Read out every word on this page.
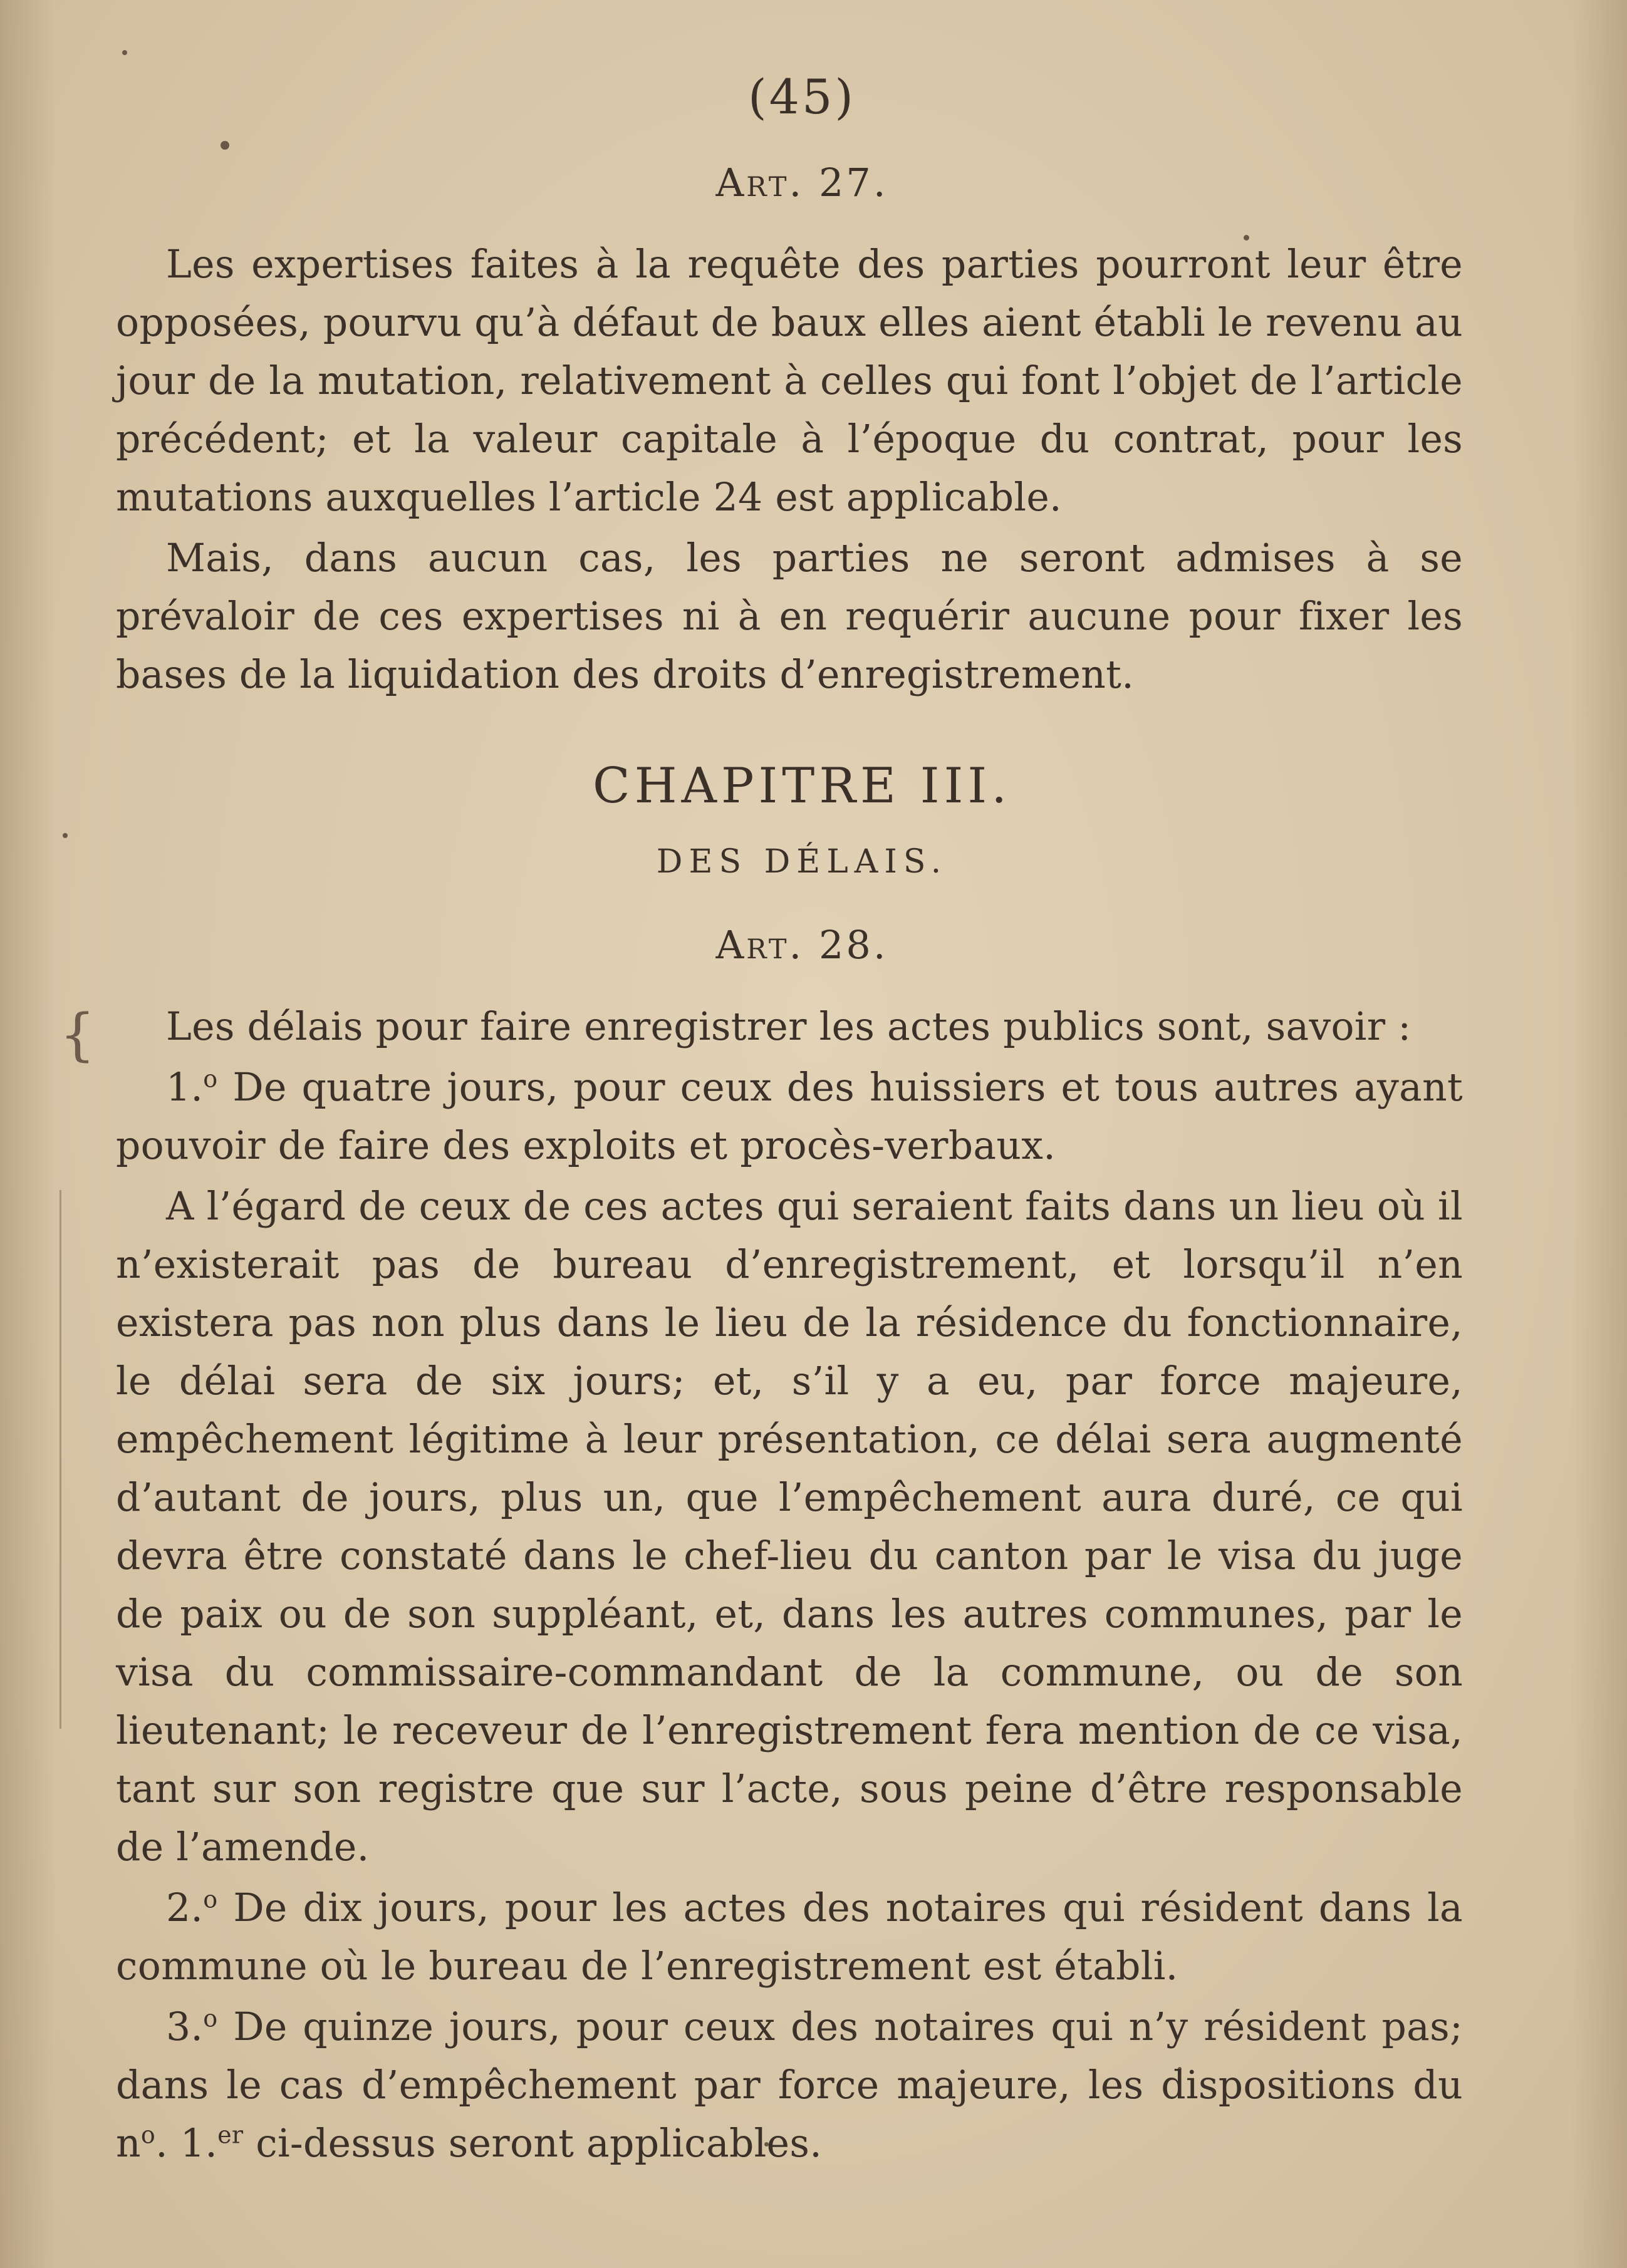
{
(45)
Art. 27.

Les expertises faites à la requête des parties pourront leur être opposées, pourvu qu’à défaut de baux elles aient établi le revenu au jour de la mutation, relativement à celles qui font l’objet de l’article précédent; et la valeur capitale à l’époque du contrat, pour les mutations auxquelles l’article 24 est applicable.

Mais, dans aucun cas, les parties ne seront admises à se prévaloir de ces expertises ni à en requérir aucune pour fixer les bases de la liquidation des droits d’enregistrement.

CHAPITRE III.
DES DÉLAIS.
Art. 28.

Les délais pour faire enregistrer les actes publics sont, savoir :

1.$^o$ De quatre jours, pour ceux des huissiers et tous autres ayant pouvoir de faire des exploits et procès-verbaux.

A l’égard de ceux de ces actes qui seraient faits dans un lieu où il n’existerait pas de bureau d’enregistrement, et lorsqu’il n’en existera pas non plus dans le lieu de la résidence du fonctionnaire, le délai sera de six jours; et, s’il y a eu, par force majeure, empêchement légitime à leur présentation, ce délai sera augmenté d’autant de jours, plus un, que l’empêchement aura duré, ce qui devra être constaté dans le chef-lieu du canton par le visa du juge de paix ou de son suppléant, et, dans les autres communes, par le visa du commissaire-commandant de la commune, ou de son lieutenant; le receveur de l’enregistrement fera mention de ce visa, tant sur son registre que sur l’acte, sous peine d’être responsable de l’amende.

2.$^o$ De dix jours, pour les actes des notaires qui résident dans la commune où le bureau de l’enregistrement est établi.

3.$^o$ De quinze jours, pour ceux des notaires qui n’y résident pas; dans le cas d’empêchement par force majeure, les dispositions du $n^o$. 1.$^{er}$ ci-dessus seront applicables.
